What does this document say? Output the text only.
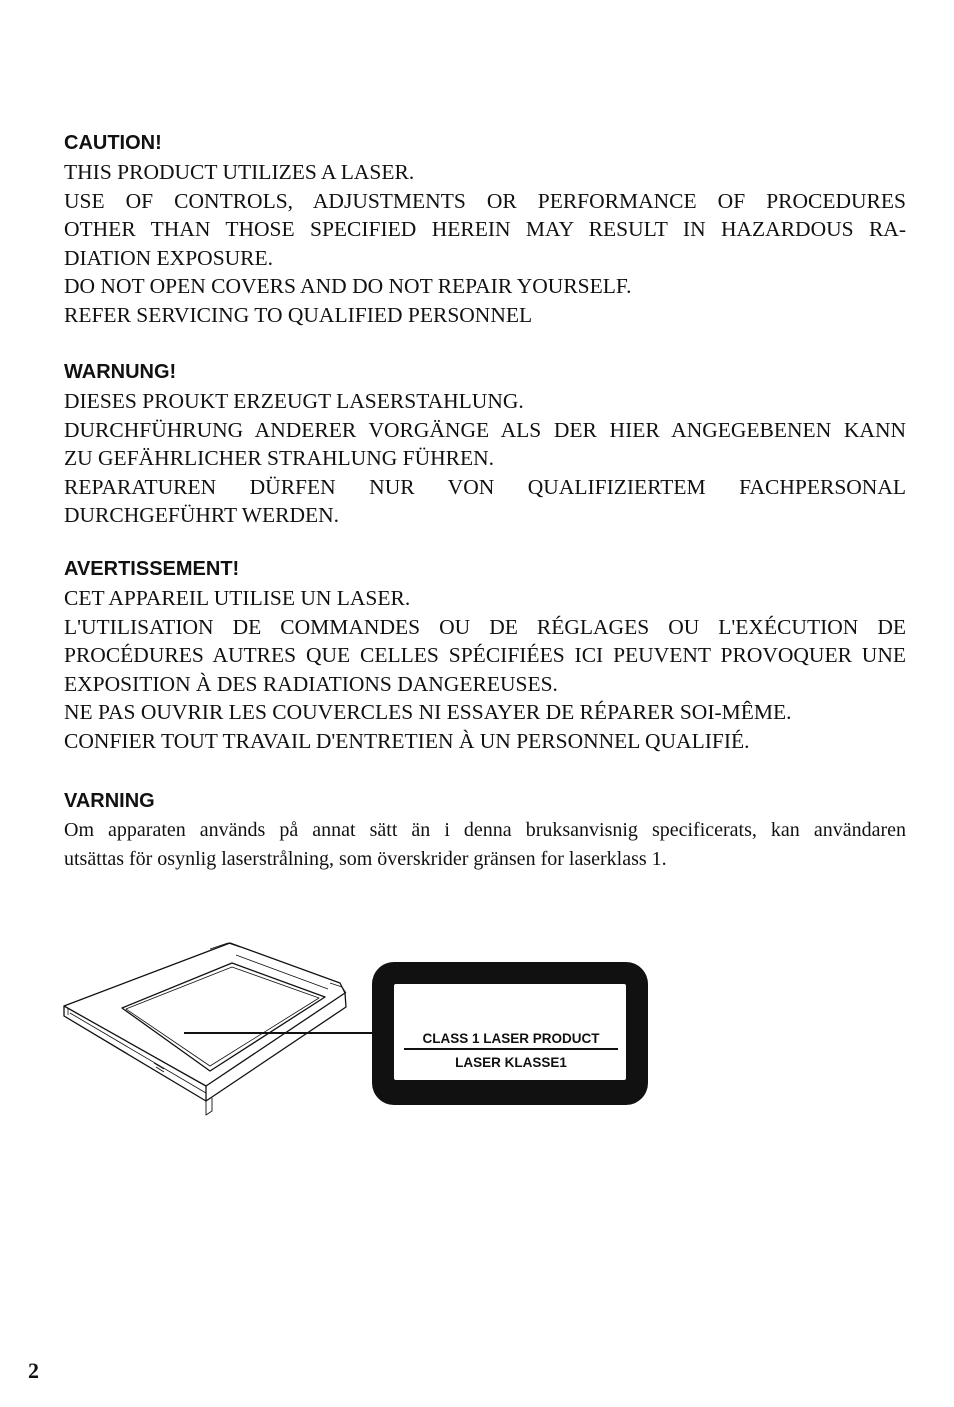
CAUTION!
THIS PRODUCT UTILIZES A LASER.
USE OF CONTROLS, ADJUSTMENTS OR PERFORMANCE OF PROCEDURES
OTHER THAN THOSE SPECIFIED HEREIN MAY RESULT IN HAZARDOUS RA-
DIATION EXPOSURE.
DO NOT OPEN COVERS AND DO NOT REPAIR YOURSELF.
REFER SERVICING TO QUALIFIED PERSONNEL
WARNUNG!
DIESES PROUKT ERZEUGT LASERSTAHLUNG.
DURCHFÜHRUNG ANDERER VORGÄNGE ALS DER HIER ANGEGEBENEN KANN
ZU GEFÄHRLICHER STRAHLUNG FÜHREN.
REPARATUREN DÜRFEN NUR VON QUALIFIZIERTEM FACHPERSONAL
DURCHGEFÜHRT WERDEN.
AVERTISSEMENT!
CET APPAREIL UTILISE UN LASER.
L'UTILISATION DE COMMANDES OU DE RÉGLAGES OU L'EXÉCUTION DE
PROCÉDURES AUTRES QUE CELLES SPÉCIFIÉES ICI PEUVENT PROVOQUER UNE
EXPOSITION À DES RADIATIONS DANGEREUSES.
NE PAS OUVRIR LES COUVERCLES NI ESSAYER DE RÉPARER SOI-MÊME.
CONFIER TOUT TRAVAIL D'ENTRETIEN À UN PERSONNEL QUALIFIÉ.
VARNING
Om apparaten används på annat sätt än i denna bruksanvisnig specificerats, kan användaren
utsättas för osynlig laserstrålning, som överskrider gränsen for laserklass 1.
CLASS 1 LASER PRODUCT
LASER KLASSE1
2
